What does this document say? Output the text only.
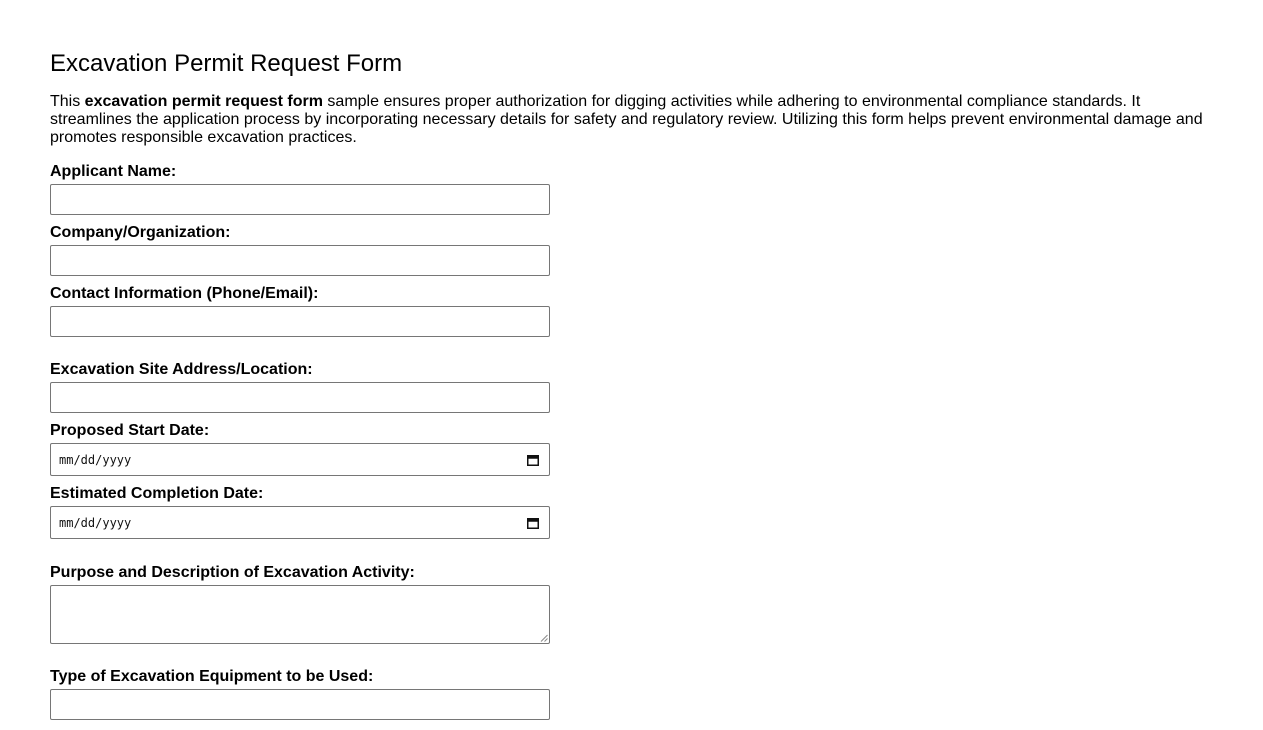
Excavation Permit Request Form

This excavation permit request form sample ensures proper authorization for digging activities while adhering to environmental compliance standards. It streamlines the application process by incorporating necessary details for safety and regulatory review. Utilizing this form helps prevent environmental damage and promotes responsible excavation practices.

Applicant Name:
Company/Organization:
Contact Information (Phone/Email):
Excavation Site Address/Location:
Proposed Start Date:
mm/dd/yyyy
Estimated Completion Date:
mm/dd/yyyy
Purpose and Description of Excavation Activity:
Type of Excavation Equipment to be Used:
